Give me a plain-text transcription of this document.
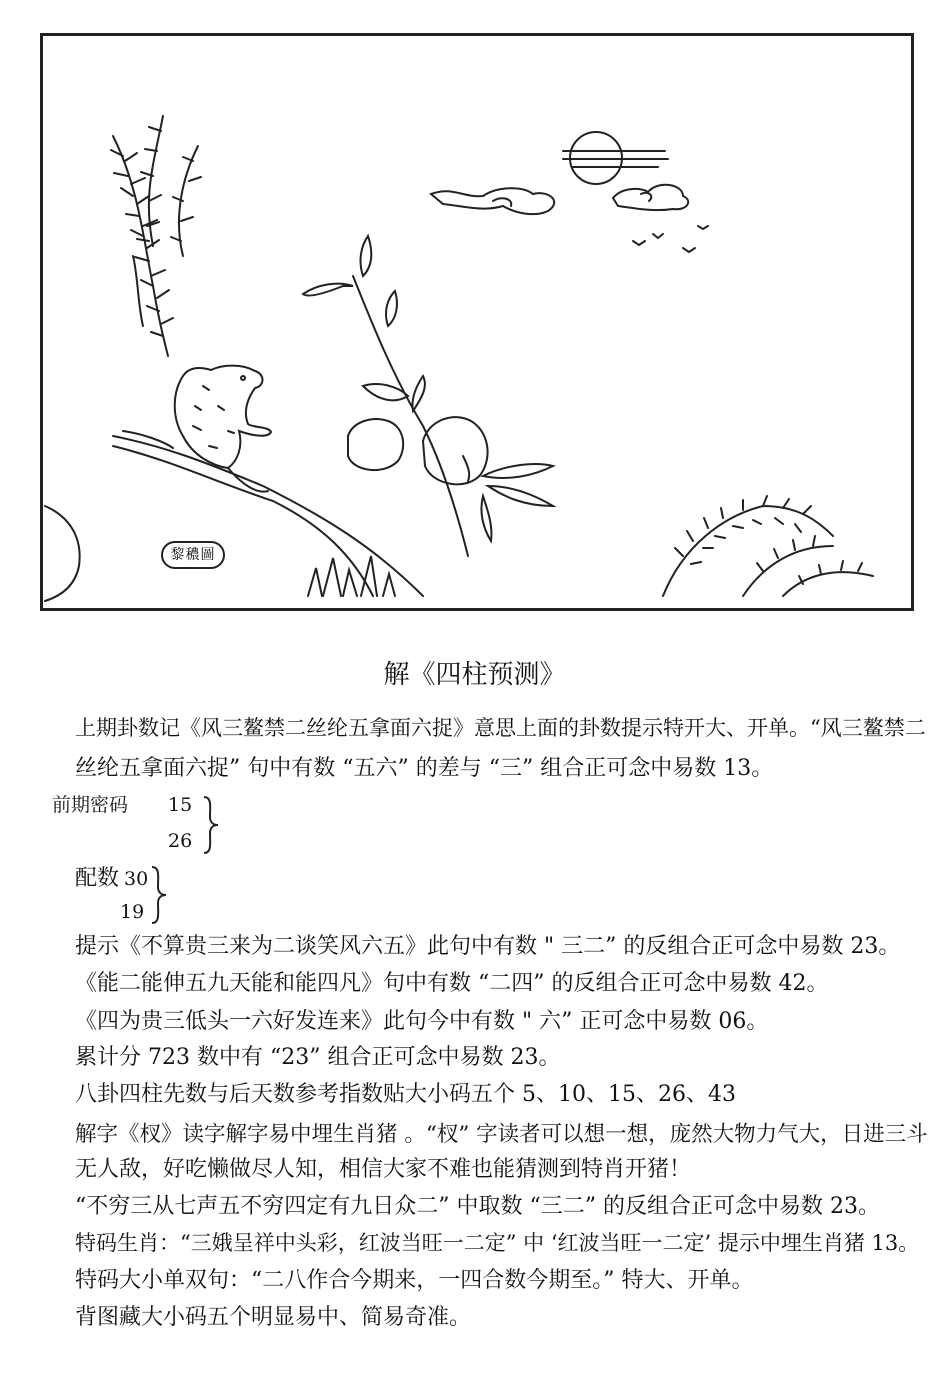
黎穠圖
解《四柱预测》
上期卦数记《风三鳌禁二丝纶五拿面六捉》意思上面的卦数提示特开大、开单。“风三鳌禁二
丝纶五拿面六捉” 句中有数 “五六” 的差与 “三” 组合正可念中易数 13。
前期密码 15
26
配数 30
19
提示《不算贵三来为二谈笑风六五》此句中有数 " 三二” 的反组合正可念中易数 23。
《能二能伸五九天能和能四凡》句中有数 “二四” 的反组合正可念中易数 42。
《四为贵三低头一六好发连来》此句今中有数 " 六” 正可念中易数 06。
累计分 723 数中有 “23” 组合正可念中易数 23。
八卦四柱先数与后天数参考指数贴大小码五个 5、10、15、26、43
解字《杈》读字解字易中埋生肖猪 。“杈” 字读者可以想一想，庞然大物力气大，日进三斗
无人敌，好吃懒做尽人知，相信大家不难也能猜测到特肖开猪！
“不穷三从七声五不穷四定有九日众二” 中取数 “三二” 的反组合正可念中易数 23。
特码生肖：“三娥呈祥中头彩，红波当旺一二定” 中 ‘红波当旺一二定’ 提示中埋生肖猪 13。
特码大小单双句：“二八作合今期来，一四合数今期至。” 特大、开单。
背图藏大小码五个明显易中、简易奇准。
